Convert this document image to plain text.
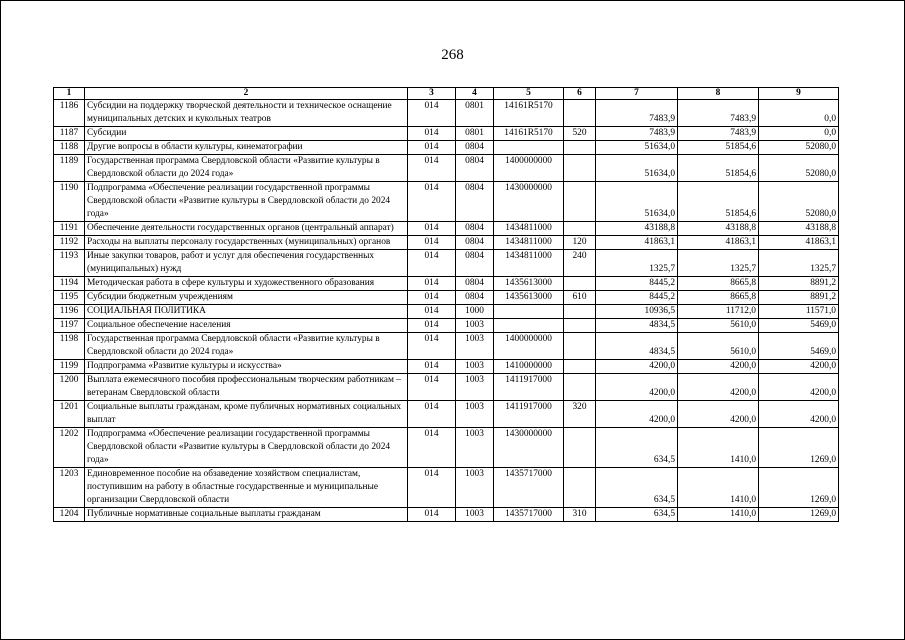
268
1	2	3	4	5	6	7	8	9
1186	Субсидии на поддержку творческой деятельности и техническое оснащение муниципальных детских и кукольных театров	014	0801	14161R5170		7483,9	7483,9	0,0
1187	Субсидии	014	0801	14161R5170	520	7483,9	7483,9	0,0
1188	Другие вопросы в области культуры, кинематографии	014	0804			51634,0	51854,6	52080,0
1189	Государственная программа Свердловской области «Развитие культуры в Свердловской области до 2024 года»	014	0804	1400000000		51634,0	51854,6	52080,0
1190	Подпрограмма «Обеспечение реализации государственной программы Свердловской области «Развитие культуры в Свердловской области до 2024 года»	014	0804	1430000000		51634,0	51854,6	52080,0
1191	Обеспечение деятельности государственных органов (центральный аппарат)	014	0804	1434811000		43188,8	43188,8	43188,8
1192	Расходы на выплаты персоналу государственных (муниципальных) органов	014	0804	1434811000	120	41863,1	41863,1	41863,1
1193	Иные закупки товаров, работ и услуг для обеспечения государственных (муниципальных) нужд	014	0804	1434811000	240	1325,7	1325,7	1325,7
1194	Методическая работа в сфере культуры и художественного образования	014	0804	1435613000		8445,2	8665,8	8891,2
1195	Субсидии бюджетным учреждениям	014	0804	1435613000	610	8445,2	8665,8	8891,2
1196	СОЦИАЛЬНАЯ ПОЛИТИКА	014	1000			10936,5	11712,0	11571,0
1197	Социальное обеспечение населения	014	1003			4834,5	5610,0	5469,0
1198	Государственная программа Свердловской области «Развитие культуры в Свердловской области до 2024 года»	014	1003	1400000000		4834,5	5610,0	5469,0
1199	Подпрограмма «Развитие культуры и искусства»	014	1003	1410000000		4200,0	4200,0	4200,0
1200	Выплата ежемесячного пособия профессиональным творческим работникам – ветеранам Свердловской области	014	1003	1411917000		4200,0	4200,0	4200,0
1201	Социальные выплаты гражданам, кроме публичных нормативных социальных выплат	014	1003	1411917000	320	4200,0	4200,0	4200,0
1202	Подпрограмма «Обеспечение реализации государственной программы Свердловской области «Развитие культуры в Свердловской области до 2024 года»	014	1003	1430000000		634,5	1410,0	1269,0
1203	Единовременное пособие на обзаведение хозяйством специалистам, поступившим на работу в областные государственные и муниципальные организации Свердловской области	014	1003	1435717000		634,5	1410,0	1269,0
1204	Публичные нормативные социальные выплаты гражданам	014	1003	1435717000	310	634,5	1410,0	1269,0
